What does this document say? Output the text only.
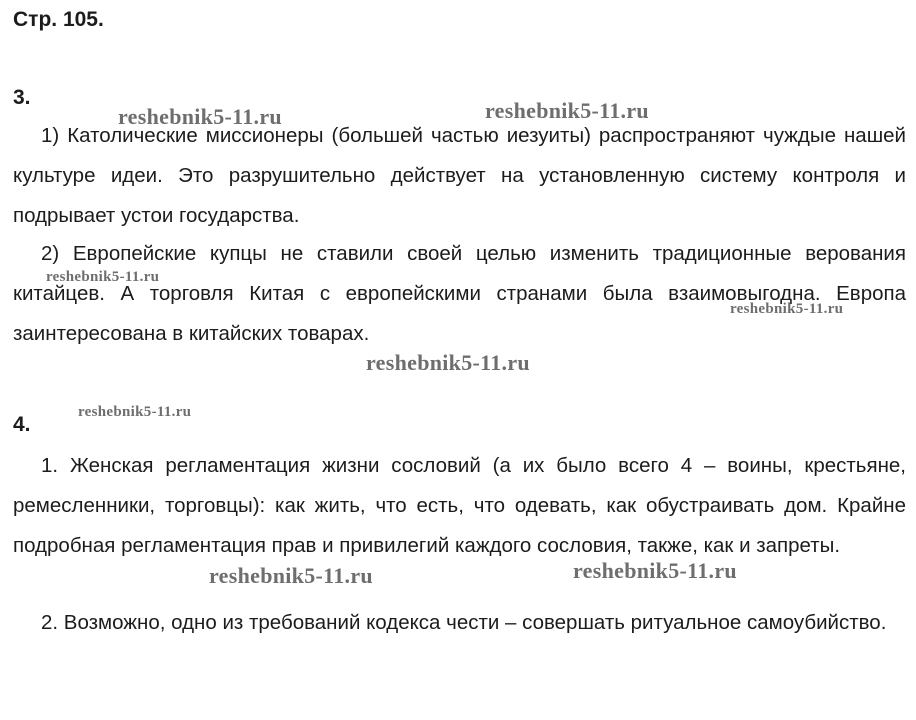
Стр. 105.
3.

1) Католические миссионеры (большей частью иезуиты) распространяют чуждые нашей культуре идеи. Это разрушительно действует на установленную систему контроля и подрывает устои государства.

2) Европейские купцы не ставили своей целью изменить традиционные верования китайцев. А торговля Китая с европейскими странами была взаимовыгодна. Европа заинтересована в китайских товарах.

4.

1. Женская регламентация жизни сословий (а их было всего 4 – воины, крестьяне, ремесленники, торговцы): как жить, что есть, что одевать, как обустраивать дом. Крайне подробная регламентация прав и привилегий каждого сословия, также, как и запреты.

2. Возможно, одно из требований кодекса чести – совершать ритуальное самоубийство.

reshebnik5-11.ru	reshebnik5-11.ru
reshebnik5-11.ru
reshebnik5-11.ru
reshebnik5-11.ru
reshebnik5-11.ru
reshebnik5-11.ru	reshebnik5-11.ru
